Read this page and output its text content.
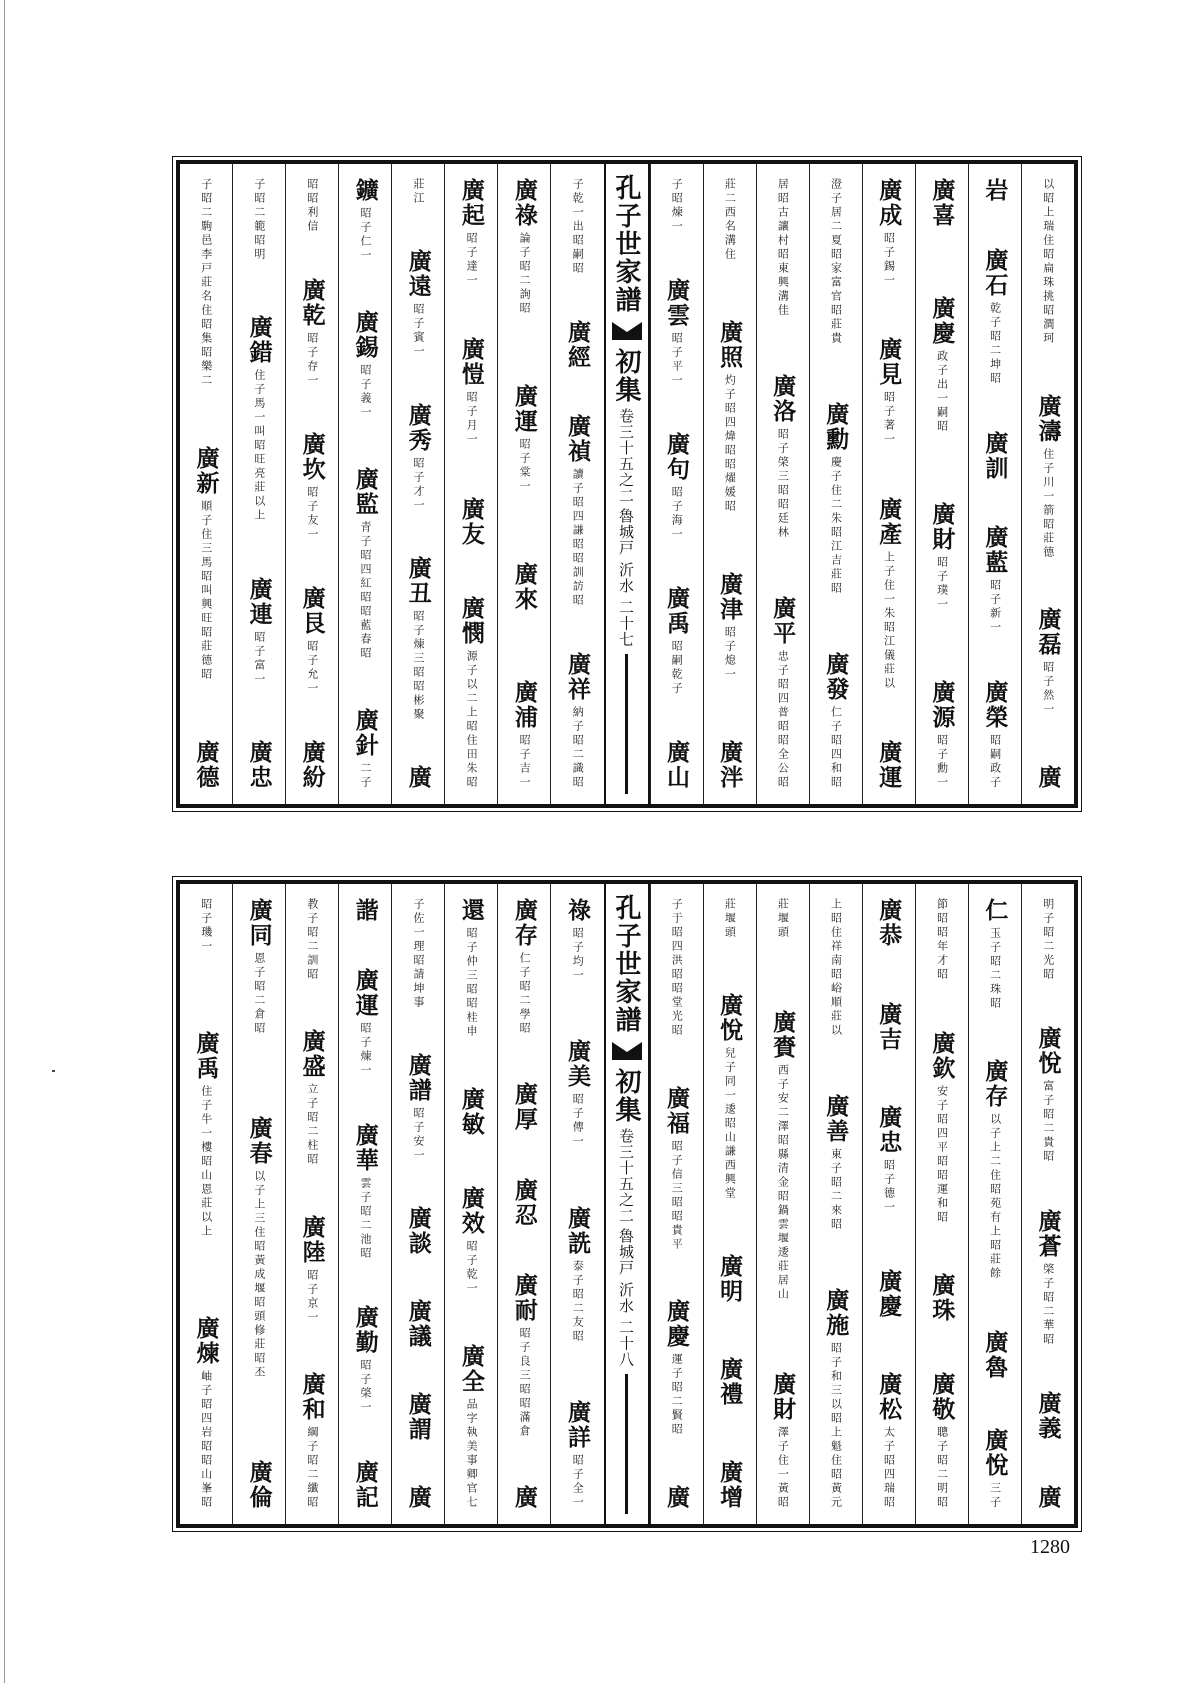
以昭上瑞住昭扁珠挑昭澗珂
廣濤
住子川一箭昭莊德
廣磊
昭子然一
廣
岩
廣石
乾子昭二坤昭
廣訓
廣藍
昭子新一
廣榮
昭嗣政子
廣喜
廣慶
政子出一嗣昭
廣財
昭子璞一
廣源
昭子勳一
廣成
昭子錫一
廣見
昭子著一
廣產
上子住一朱昭江儀莊以
廣運
澄子居二夏昭家富官昭莊貴
廣勳
慶子住二朱昭江吉莊昭
廣發
仁子昭四和昭
居昭古讓村昭東興溝佳
廣洛
昭子棨三昭昭廷林
廣平
忠子昭四普昭昭全公昭
莊二西名溝住
廣照
灼子昭四煒昭昭燿媛昭
廣津
昭子熄一
廣泮
子昭煉一
廣雲
昭子平一
廣句
昭子海一
廣禹
昭嗣乾子
廣山
孔子世家譜
初集
卷三十五之二
魯城戸 沂水 二十七
子乾一出昭嗣昭
廣經
廣禎
讀子昭四謙昭昭訓訪昭
廣祥
納子昭二識昭
廣祿
論子昭二詢昭
廣運
昭子棠一
廣來
廣浦
昭子吉一
廣起
昭子達一
廣愷
昭子月一
廣友
廣憫
源子以二上昭住田朱昭
莊江
廣遠
昭子賓一
廣秀
昭子才一
廣丑
昭子煉三昭昭彬聚
廣
鑛
昭子仁一
廣錫
昭子義一
廣監
青子昭四紅昭昭藍春昭
廣針
二子
昭昭利信
廣乾
昭子存一
廣坎
昭子友一
廣艮
昭子允一
廣紛
子昭二範昭明
廣錯
住子馬一叫昭旺亮莊以上
廣連
昭子富一
廣忠
子昭二駒邑李戸莊名住昭集昭樂二
廣新
順子住三馬昭叫興旺昭莊德昭
廣德
明子昭二光昭
廣悅
富子昭二貴昭
廣蒼
棨子昭二華昭
廣義
廣
仁
玉子昭二珠昭
廣存
以子上二住昭苑有上昭莊餘
廣魯
廣悅
三子
節昭昭年才昭
廣欽
安子昭四平昭昭運和昭
廣珠
廣敬
聰子昭二明昭
廣恭
廣吉
廣忠
昭子德一
廣慶
廣松
太子昭四瑞昭
上昭住祥南昭峪順莊以
廣善
東子昭二來昭
廣施
昭子和三以昭上魁住昭黃元
莊堰頭
廣賚
西子安二澤昭縣清金昭鍋雲堰逶莊居山
廣財
澤子住一黃昭
莊堰頭
廣悅
兒子同一逶昭山謙西興堂
廣明
廣禮
廣增
子于昭四洪昭昭堂光昭
廣福
昭子信三昭昭貴平
廣慶
運子昭二賢昭
廣
孔子世家譜
初集
卷三十五之二
魯城戸 沂水 二十八
祿
昭子均一
廣美
昭子傳一
廣詵
泰子昭二友昭
廣詳
昭子全一
廣存
仁子昭二學昭
廣厚
廣忍
廣耐
昭子良三昭昭滿倉
廣
還
昭子仲三昭昭桂申
廣敏
廣效
昭子乾一
廣全
品字執美事卿官七
子佐一理昭請坤事
廣譜
昭子安一
廣談
廣議
廣謂
廣
諧
廣運
昭子煉一
廣華
雲子昭二池昭
廣勤
昭子棨一
廣記
教子昭二訓昭
廣盛
立子昭二柱昭
廣陸
昭子京一
廣和
綱子昭二纖昭
廣同
恩子昭二倉昭
廣春
以子上三住昭黃成堰昭頭修莊昭丕
廣倫
昭子璣一
廣禹
住子牛一樓昭山恩莊以上
廣煉
岫子昭四岩昭昭山峯昭
1280
